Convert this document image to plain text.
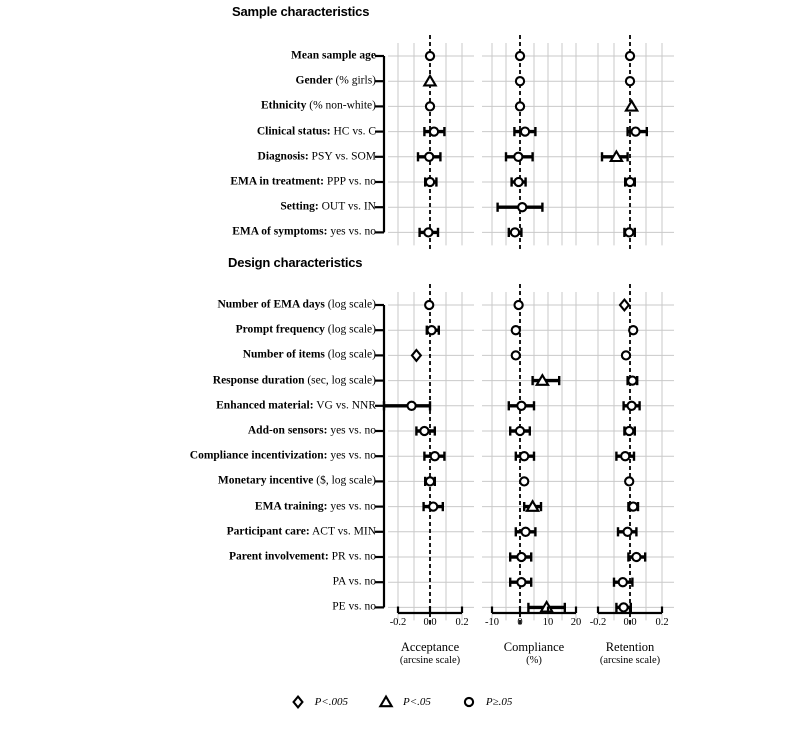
Sample characteristics
Design characteristics
Mean sample age
Gender (% girls)
Ethnicity (% non-white)
Clinical status: HC vs. C
Diagnosis: PSY vs. SOM
EMA in treatment: PPP vs. no
Setting: OUT vs. IN
EMA of symptoms: yes vs. no
Number of EMA days (log scale)
Prompt frequency (log scale)
Number of items (log scale)
Response duration (sec, log scale)
Enhanced material: VG vs. NNR
Add-on sensors: yes vs. no
Compliance incentivization: yes vs. no
Monetary incentive ($, log scale)
EMA training: yes vs. no
Participant care: ACT vs. MIN
Parent involvement: PR vs. no
PA vs. no
PE vs. no
Acceptance
(arcsine scale)
Compliance
(%)
Retention
(arcsine scale)
-0.2 0.0 0.2 -10 0 10 20 -0.2 0.0 0.2
P<.005	P<.05	P≥.05
